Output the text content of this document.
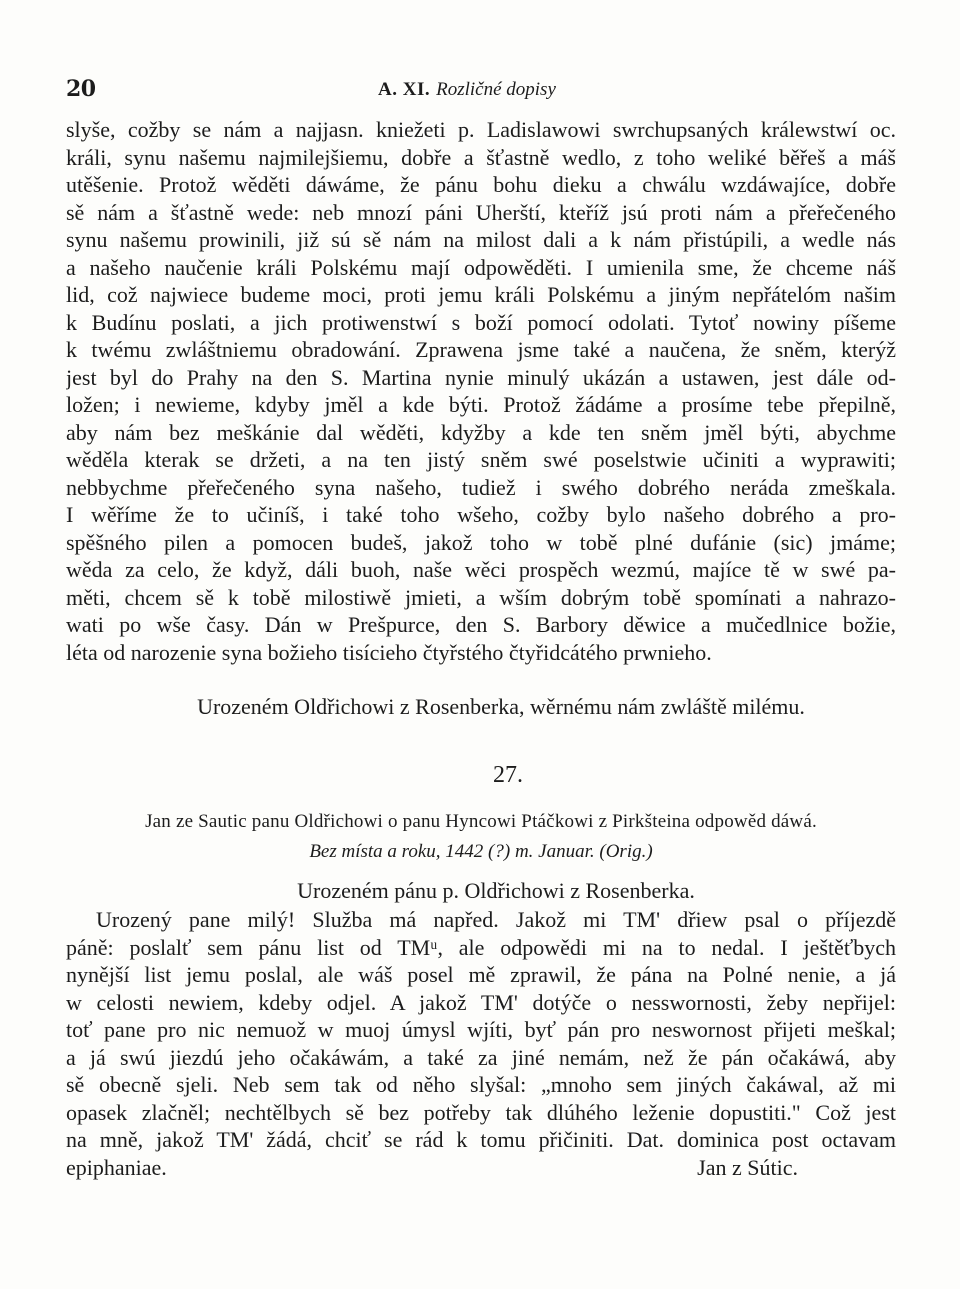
20	A. XI. Rozličné dopisy
slyše, cožby se nám a najjasn. kniežeti p. Ladislawowi swrchupsaných králewstwí oc.
králi, synu našemu najmilejšiemu, dobře a šťastně wedlo, z toho weliké běřeš a máš
utěšenie. Protož wěděti dáwáme, že pánu bohu dieku a chwálu wzdáwajíce, dobře
sě nám a šťastně wede: neb mnozí páni Uherští, kteříž jsú proti nám a přeřečeného
synu našemu prowinili, již sú sě nám na milost dali a k nám přistúpili, a wedle nás
a našeho naučenie králi Polskému mají odpowěděti. I umienila sme, že chceme náš
lid, což najwiece budeme moci, proti jemu králi Polskému a jiným nepřátelóm našim
k Budínu poslati, a jich protiwenstwí s boží pomocí odolati. Tytoť nowiny píšeme
k twému zwláštniemu obradowání. Zprawena jsme také a naučena, že sněm, kterýž
jest byl do Prahy na den S. Martina nynie minulý ukázán a ustawen, jest dále od-
ložen; i newieme, kdyby jměl a kde býti. Protož žádáme a prosíme tebe přepilně,
aby nám bez meškánie dal wěděti, kdyžby a kde ten sněm jměl býti, abychme
wěděla kterak se držeti, a na ten jistý sněm swé poselstwie učiniti a wyprawiti;
nebbychme přeřečeného syna našeho, tudiež i swého dobrého neráda zmeškala.
I wěříme že to učiníš, i také toho wšeho, cožby bylo našeho dobrého a pro-
spěšného pilen a pomocen budeš, jakož toho w tobě plné dufánie (sic) jmáme;
wěda za celo, že když, dáli buoh, naše wěci prospěch wezmú, majíce tě w swé pa-
měti, chcem sě k tobě milostiwě jmieti, a wším dobrým tobě spomínati a nahrazo-
wati po wše časy. Dán w Prešpurce, den S. Barbory děwice a mučedlnice božie,
léta od narozenie syna božieho tisícieho čtyřstého čtyřidcátého prwnieho.
Urozeném Oldřichowi z Rosenberka, wěrnému nám zwláště milému.
27.
Jan ze Sautic panu Oldřichowi o panu Hyncowi Ptáčkowi z Pirkšteina odpowěd dáwá.
Bez místa a roku, 1442 (?) m. Januar. (Orig.)
Urozeném pánu p. Oldřichowi z Rosenberka.
Urozený pane milý! Služba má napřed. Jakož mi TM' dřiew psal o příjezdě
páně: poslalť sem pánu list od TMᵘ, ale odpowědi mi na to nedal. I ještěťbych
nynější list jemu poslal, ale wáš posel mě zprawil, že pána na Polné nenie, a já
w celosti newiem, kdeby odjel. A jakož TM' dotýče o nesswornosti, žeby nepřijel:
toť pane pro nic nemuož w muoj úmysl wjíti, byť pán pro neswornost přijeti meškal;
a já swú jiezdú jeho očakáwám, a také za jiné nemám, než že pán očakáwá, aby
sě obecně sjeli. Neb sem tak od něho slyšal: „mnoho sem jiných čakáwal, až mi
opasek zlačněl; nechtělbych sě bez potřeby tak dlúhého leženie dopustiti." Což jest
na mně, jakož TM' žádá, chciť se rád k tomu přičiniti. Dat. dominica post octavam
epiphaniae.	Jan z Sútic.
